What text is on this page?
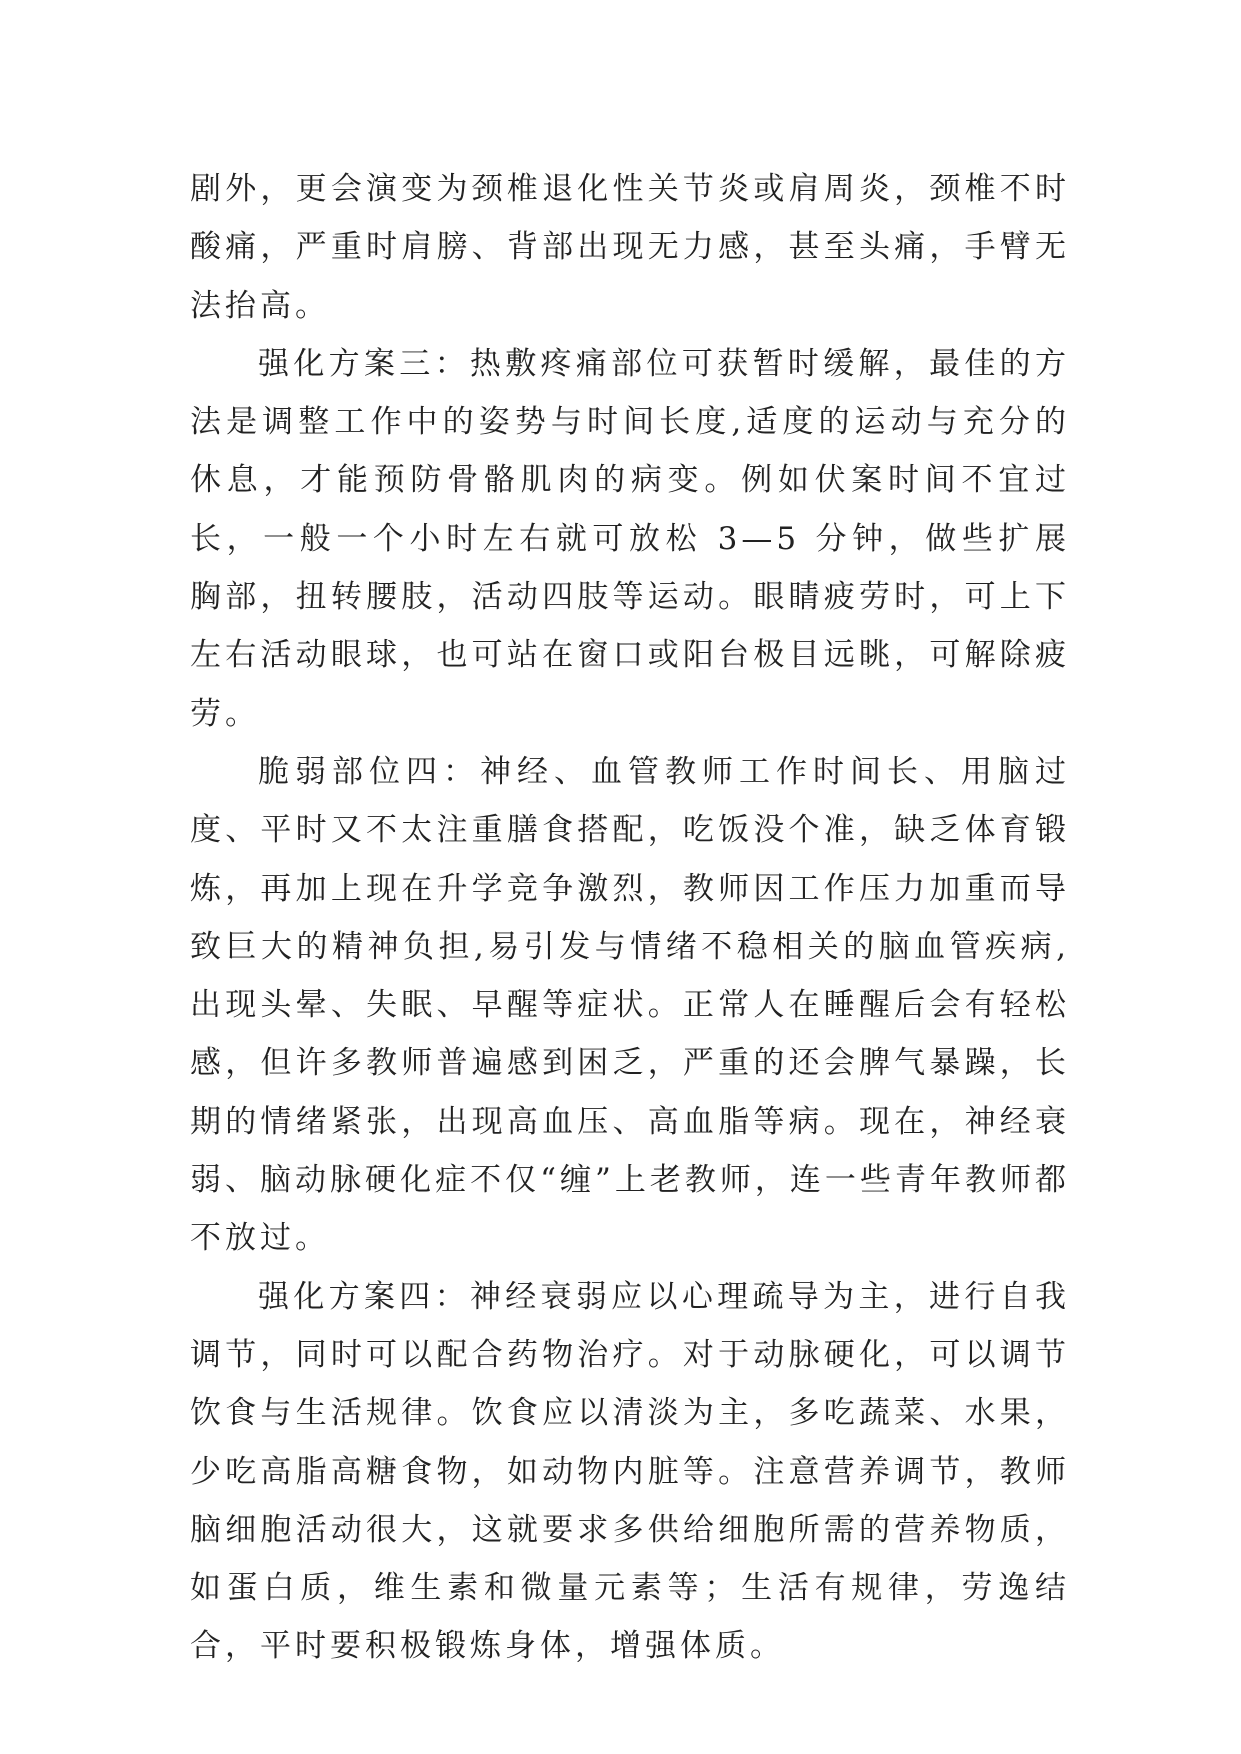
剧外，更会演变为颈椎退化性关节炎或肩周炎，颈椎不时酸痛，严重时肩膀、背部出现无力感，甚至头痛，手臂无法抬高。

强化方案三：热敷疼痛部位可获暂时缓解，最佳的方法是调整工作中的姿势与时间长度,适度的运动与充分的休息，才能预防骨骼肌肉的病变。例如伏案时间不宜过长，一般一个小时左右就可放松 3—5 分钟，做些扩展胸部，扭转腰肢，活动四肢等运动。眼睛疲劳时，可上下左右活动眼球，也可站在窗口或阳台极目远眺，可解除疲劳。

脆弱部位四：神经、血管教师工作时间长、用脑过度、平时又不太注重膳食搭配，吃饭没个准，缺乏体育锻炼，再加上现在升学竞争激烈，教师因工作压力加重而导致巨大的精神负担,易引发与情绪不稳相关的脑血管疾病,出现头晕、失眠、早醒等症状。正常人在睡醒后会有轻松感，但许多教师普遍感到困乏，严重的还会脾气暴躁，长期的情绪紧张，出现高血压、高血脂等病。现在，神经衰弱、脑动脉硬化症不仅“缠”上老教师，连一些青年教师都不放过。

强化方案四：神经衰弱应以心理疏导为主，进行自我调节，同时可以配合药物治疗。对于动脉硬化，可以调节饮食与生活规律。饮食应以清淡为主，多吃蔬菜、水果，少吃高脂高糖食物，如动物内脏等。注意营养调节，教师脑细胞活动很大，这就要求多供给细胞所需的营养物质，如蛋白质，维生素和微量元素等；生活有规律，劳逸结合，平时要积极锻炼身体，增强体质。
